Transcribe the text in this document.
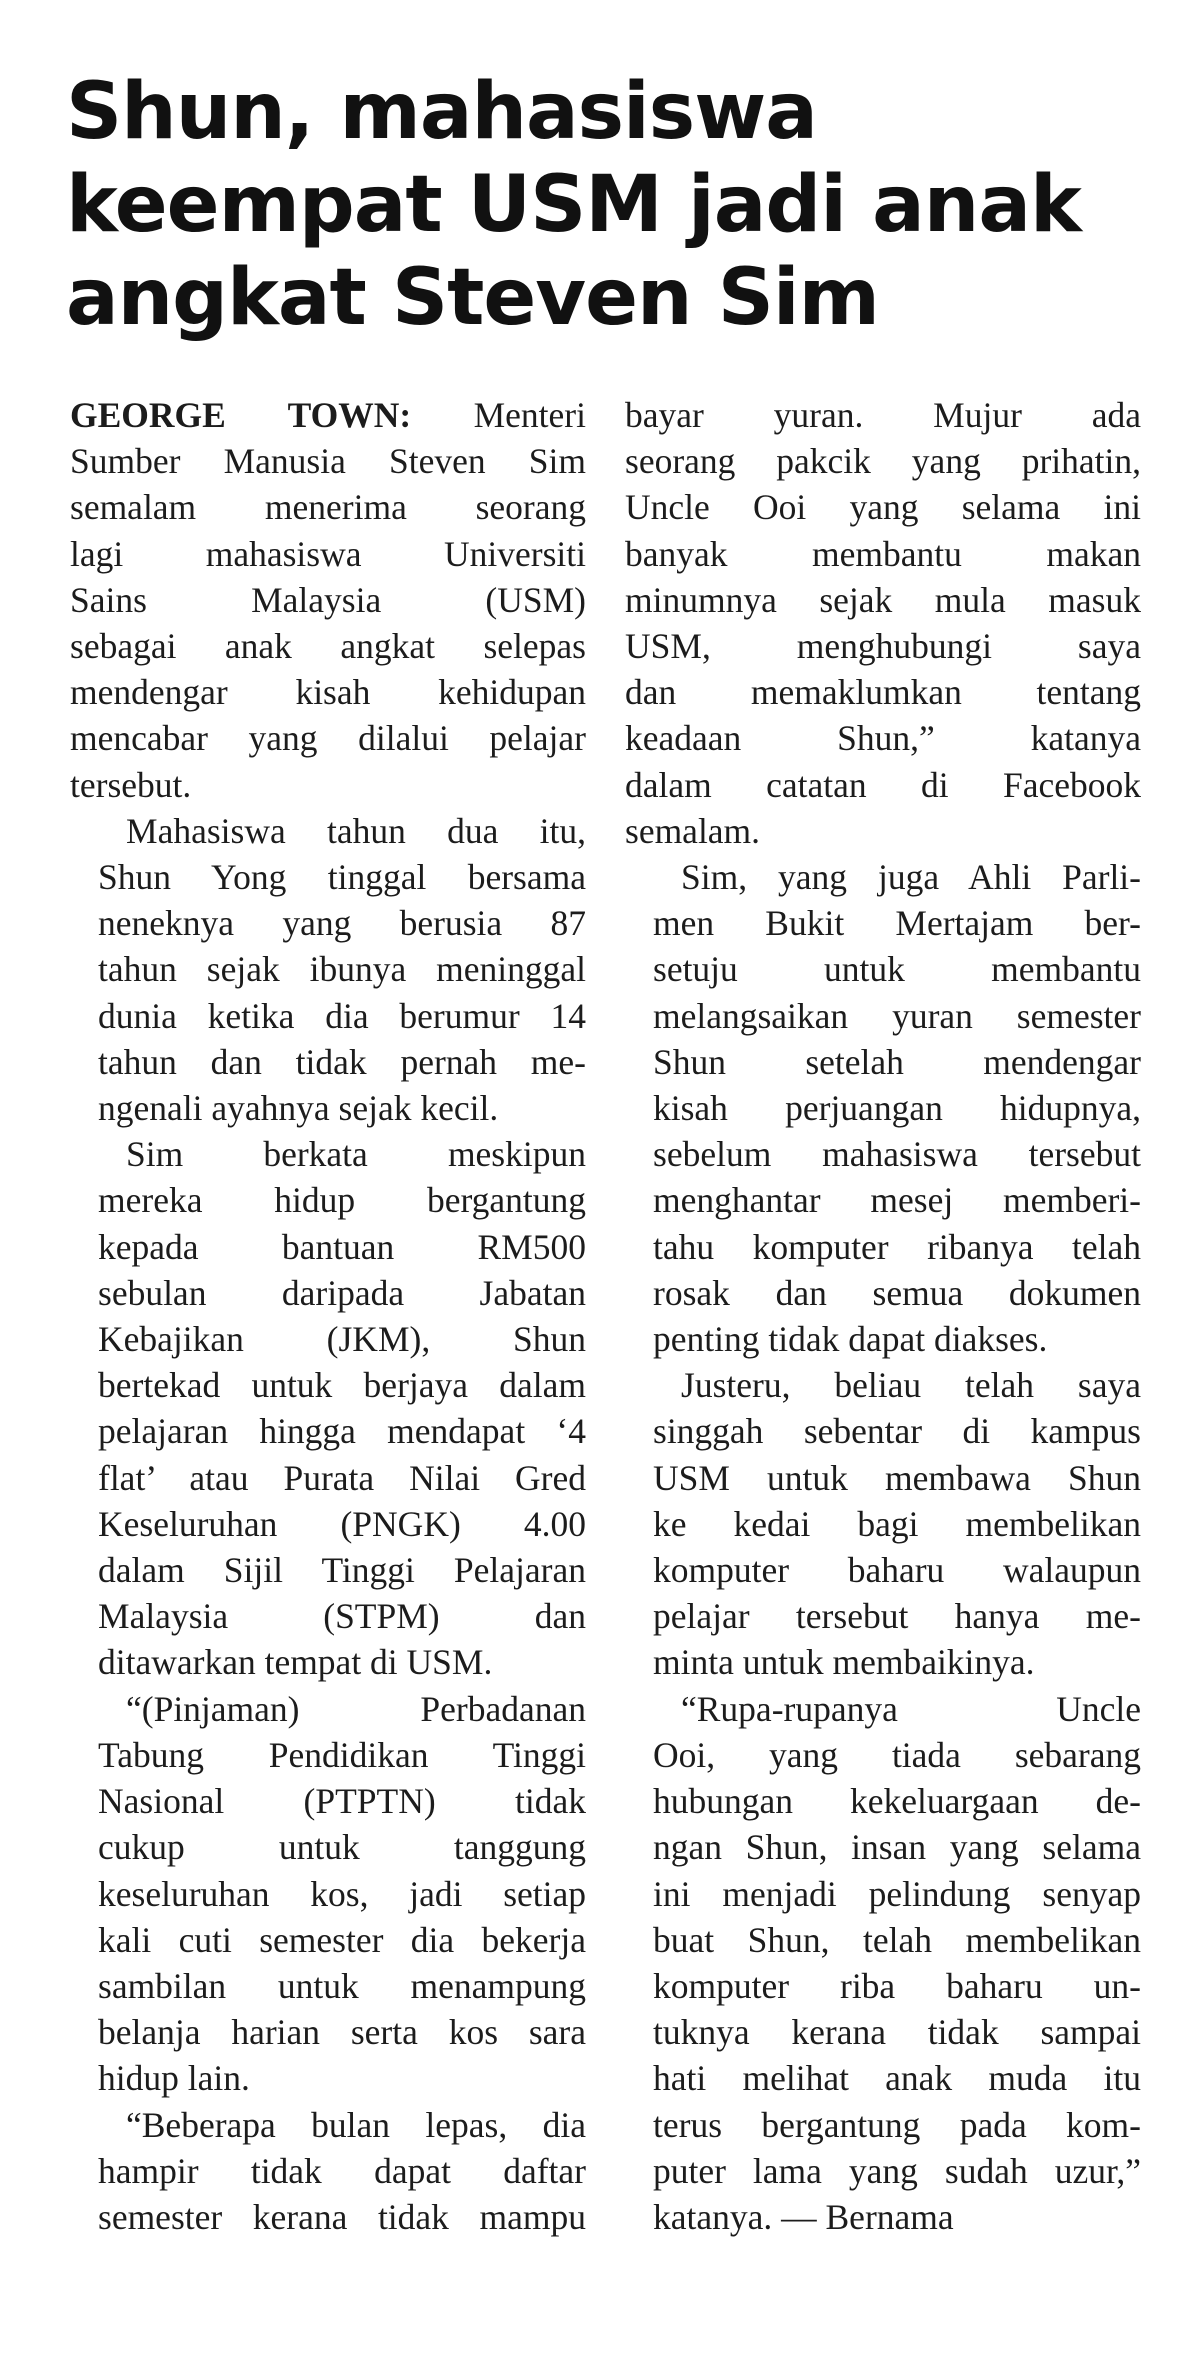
Shun, mahasiswa
keempat USM jadi anak
angkat Steven Sim

GEORGE TOWN: Menteri
Sumber Manusia Steven Sim
semalam menerima seorang
lagi mahasiswa Universiti
Sains Malaysia (USM)
sebagai anak angkat selepas
mendengar kisah kehidupan
mencabar yang dilalui pelajar
tersebut.

Mahasiswa tahun dua itu,
Shun Yong tinggal bersama
neneknya yang berusia 87
tahun sejak ibunya meninggal
dunia ketika dia berumur 14
tahun dan tidak pernah me-
ngenali ayahnya sejak kecil.

Sim berkata meskipun
mereka hidup bergantung
kepada bantuan RM500
sebulan daripada Jabatan
Kebajikan (JKM), Shun
bertekad untuk berjaya dalam
pelajaran hingga mendapat ‘4
flat’ atau Purata Nilai Gred
Keseluruhan (PNGK) 4.00
dalam Sijil Tinggi Pelajaran
Malaysia (STPM) dan
ditawarkan tempat di USM.

“(Pinjaman) Perbadanan
Tabung Pendidikan Tinggi
Nasional (PTPTN) tidak
cukup untuk tanggung
keseluruhan kos, jadi setiap
kali cuti semester dia bekerja
sambilan untuk menampung
belanja harian serta kos sara
hidup lain.

“Beberapa bulan lepas, dia
hampir tidak dapat daftar
semester kerana tidak mampu

bayar yuran. Mujur ada
seorang pakcik yang prihatin,
Uncle Ooi yang selama ini
banyak membantu makan
minumnya sejak mula masuk
USM, menghubungi saya
dan memaklumkan tentang
keadaan Shun,” katanya
dalam catatan di Facebook
semalam.

Sim, yang juga Ahli Parli-
men Bukit Mertajam ber-
setuju untuk membantu
melangsaikan yuran semester
Shun setelah mendengar
kisah perjuangan hidupnya,
sebelum mahasiswa tersebut
menghantar mesej memberi-
tahu komputer ribanya telah
rosak dan semua dokumen
penting tidak dapat diakses.

Justeru, beliau telah saya
singgah sebentar di kampus
USM untuk membawa Shun
ke kedai bagi membelikan
komputer baharu walaupun
pelajar tersebut hanya me-
minta untuk membaikinya.

“Rupa-rupanya Uncle
Ooi, yang tiada sebarang
hubungan kekeluargaan de-
ngan Shun, insan yang selama
ini menjadi pelindung senyap
buat Shun, telah membelikan
komputer riba baharu un-
tuknya kerana tidak sampai
hati melihat anak muda itu
terus bergantung pada kom-
puter lama yang sudah uzur,”
katanya. — Bernama
